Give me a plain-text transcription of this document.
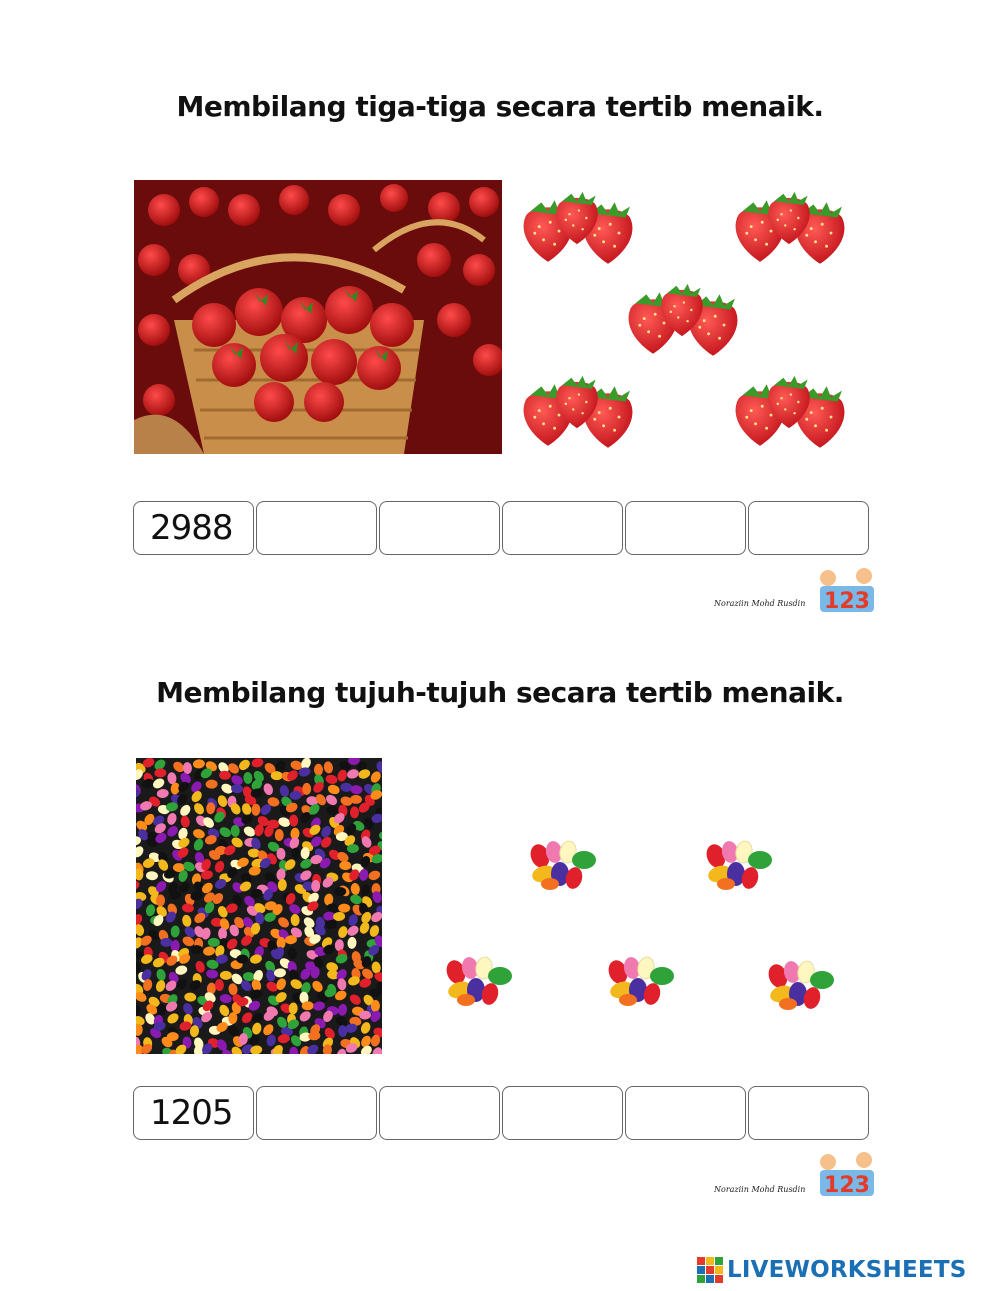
Membilang tiga-tiga secara tertib menaik.
2988
Noraziin Mohd Rusdin 123
Membilang tujuh-tujuh secara tertib menaik.
1205
Noraziin Mohd Rusdin 123
LIVEWORKSHEETS
